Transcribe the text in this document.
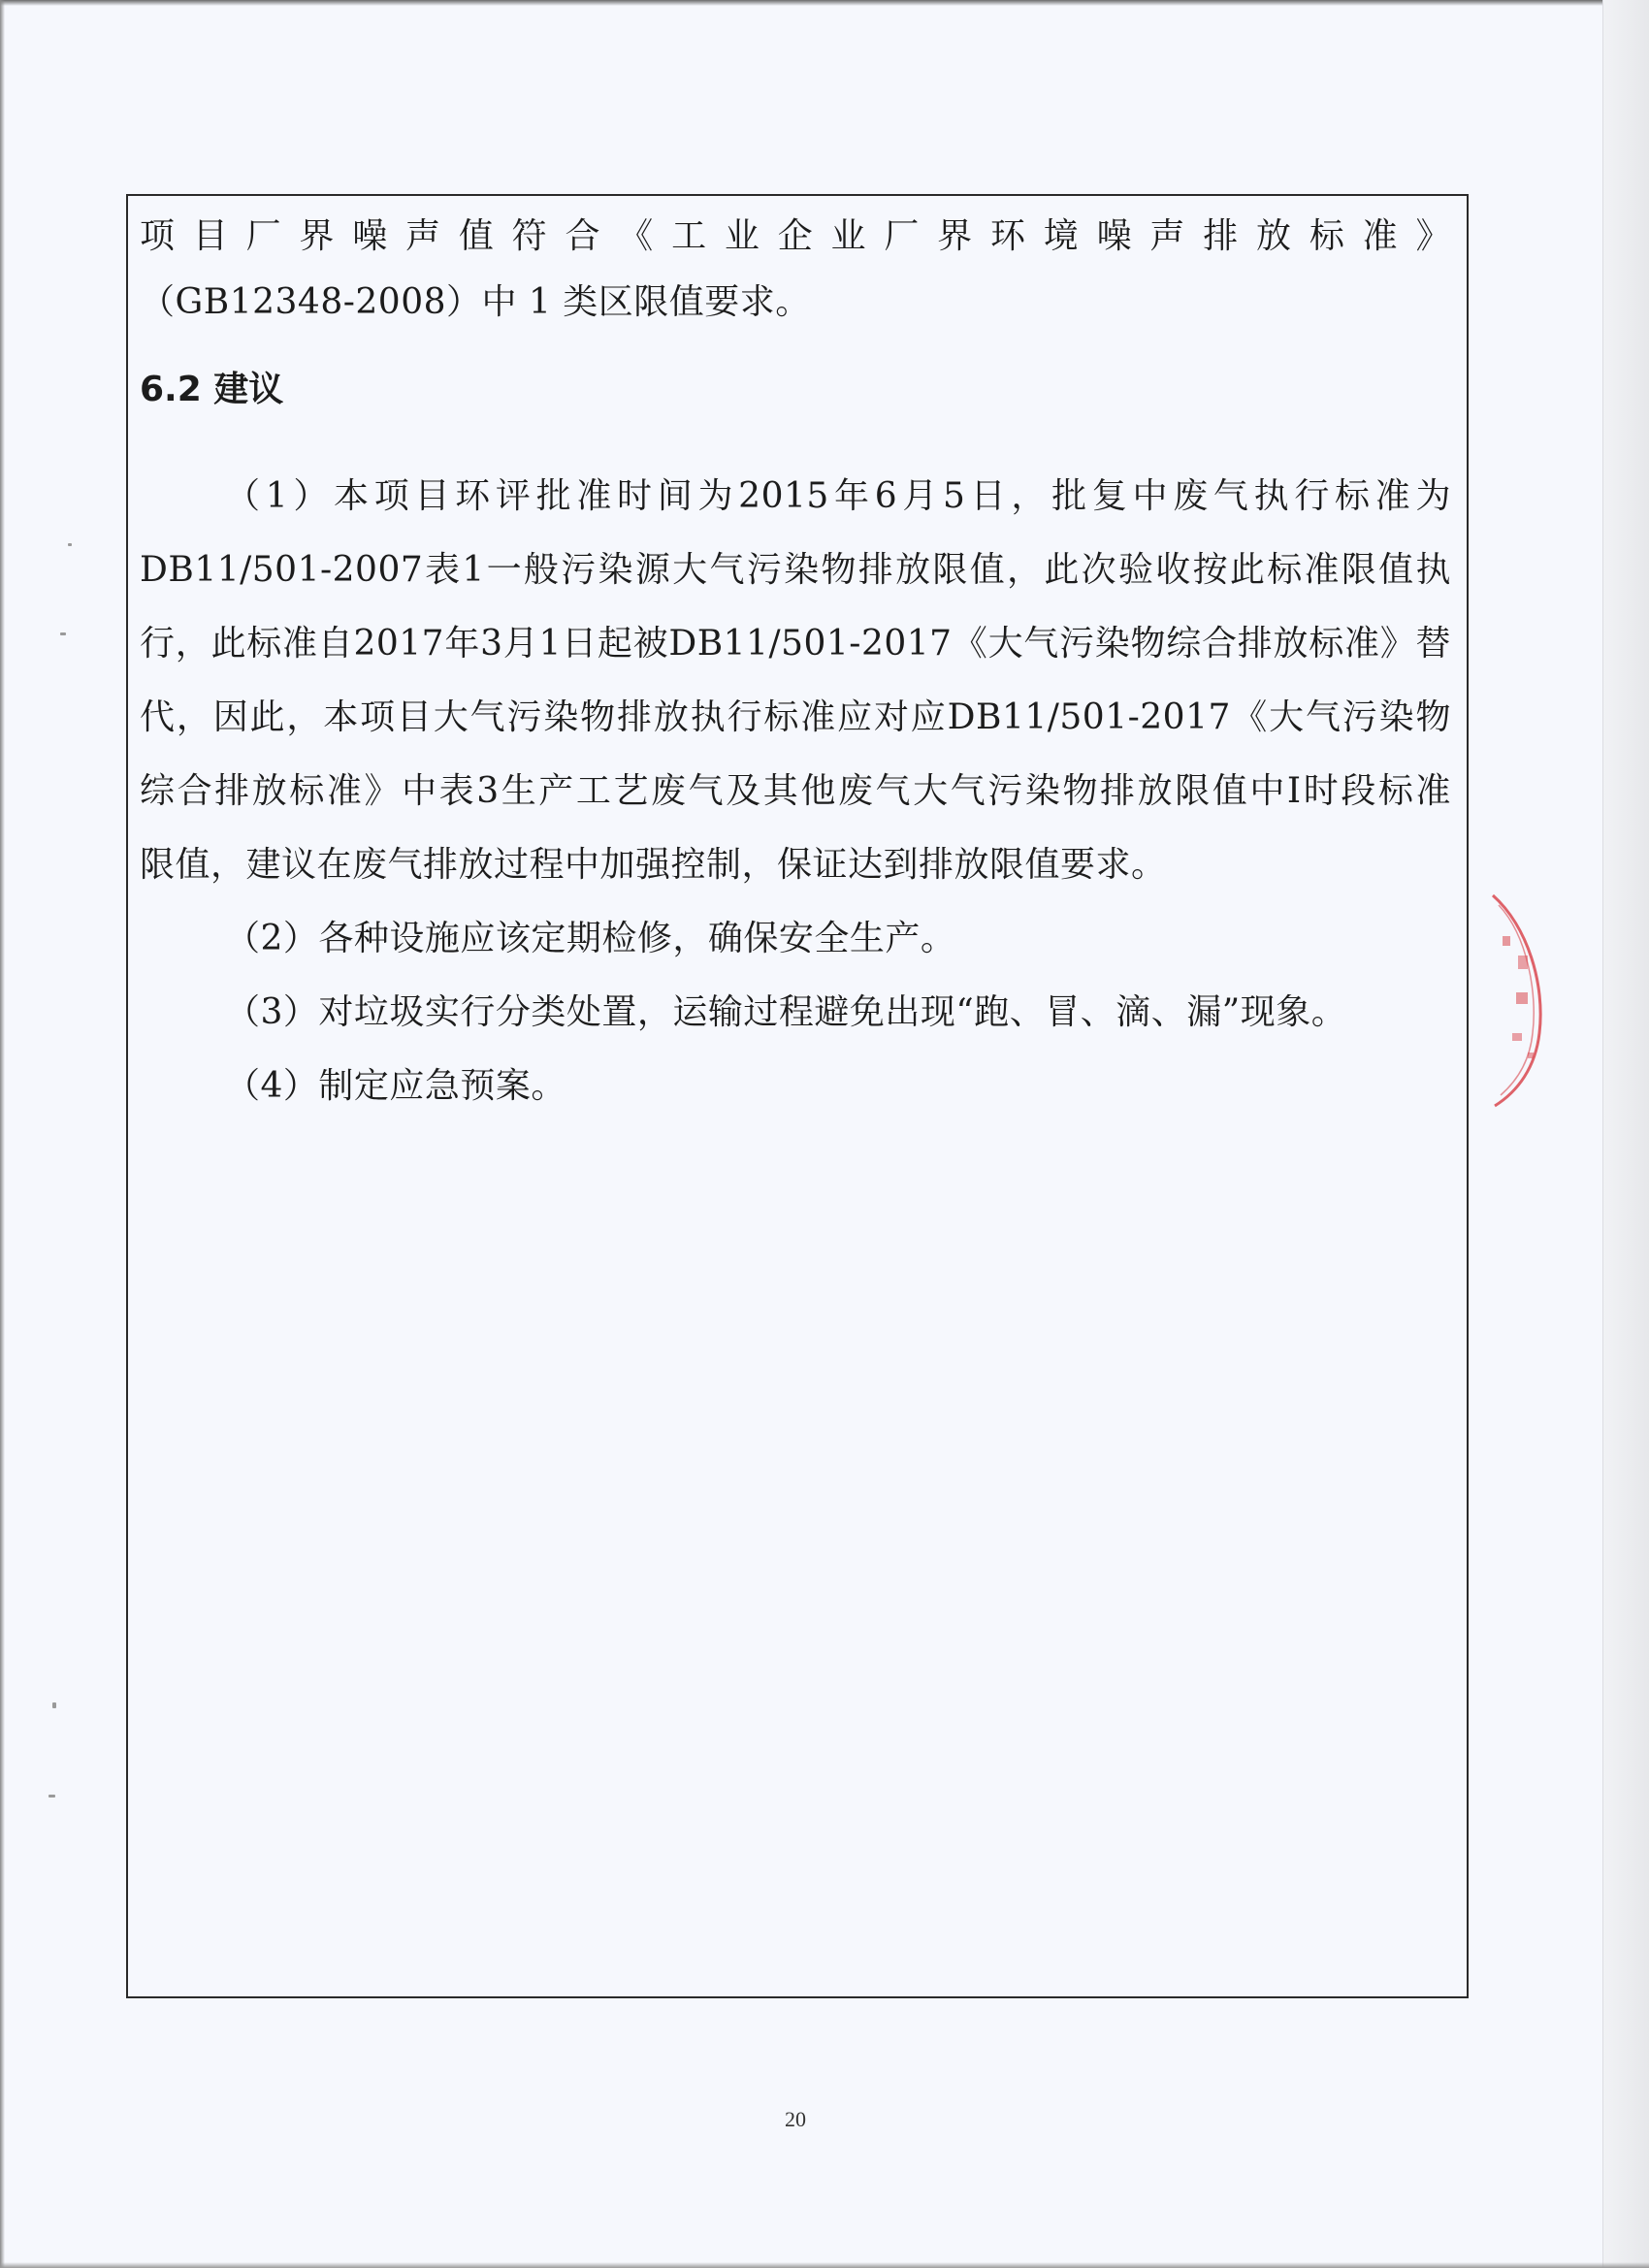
项目厂界噪声值符合《工业企业厂界环境噪声排放标准》
（GB12348-2008）中 1 类区限值要求。
6.2 建议
（1）本项目环评批准时间为2015年6月5日，批复中废气执行标准为
DB11/501-2007表1一般污染源大气污染物排放限值，此次验收按此标准限值执
行，此标准自2017年3月1日起被DB11/501-2017《大气污染物综合排放标准》替
代，因此，本项目大气污染物排放执行标准应对应DB11/501-2017《大气污染物
综合排放标准》中表3生产工艺废气及其他废气大气污染物排放限值中I时段标准
限值，建议在废气排放过程中加强控制，保证达到排放限值要求。
（2）各种设施应该定期检修，确保安全生产。
（3）对垃圾实行分类处置，运输过程避免出现“跑、冒、滴、漏”现象。
（4）制定应急预案。
20
